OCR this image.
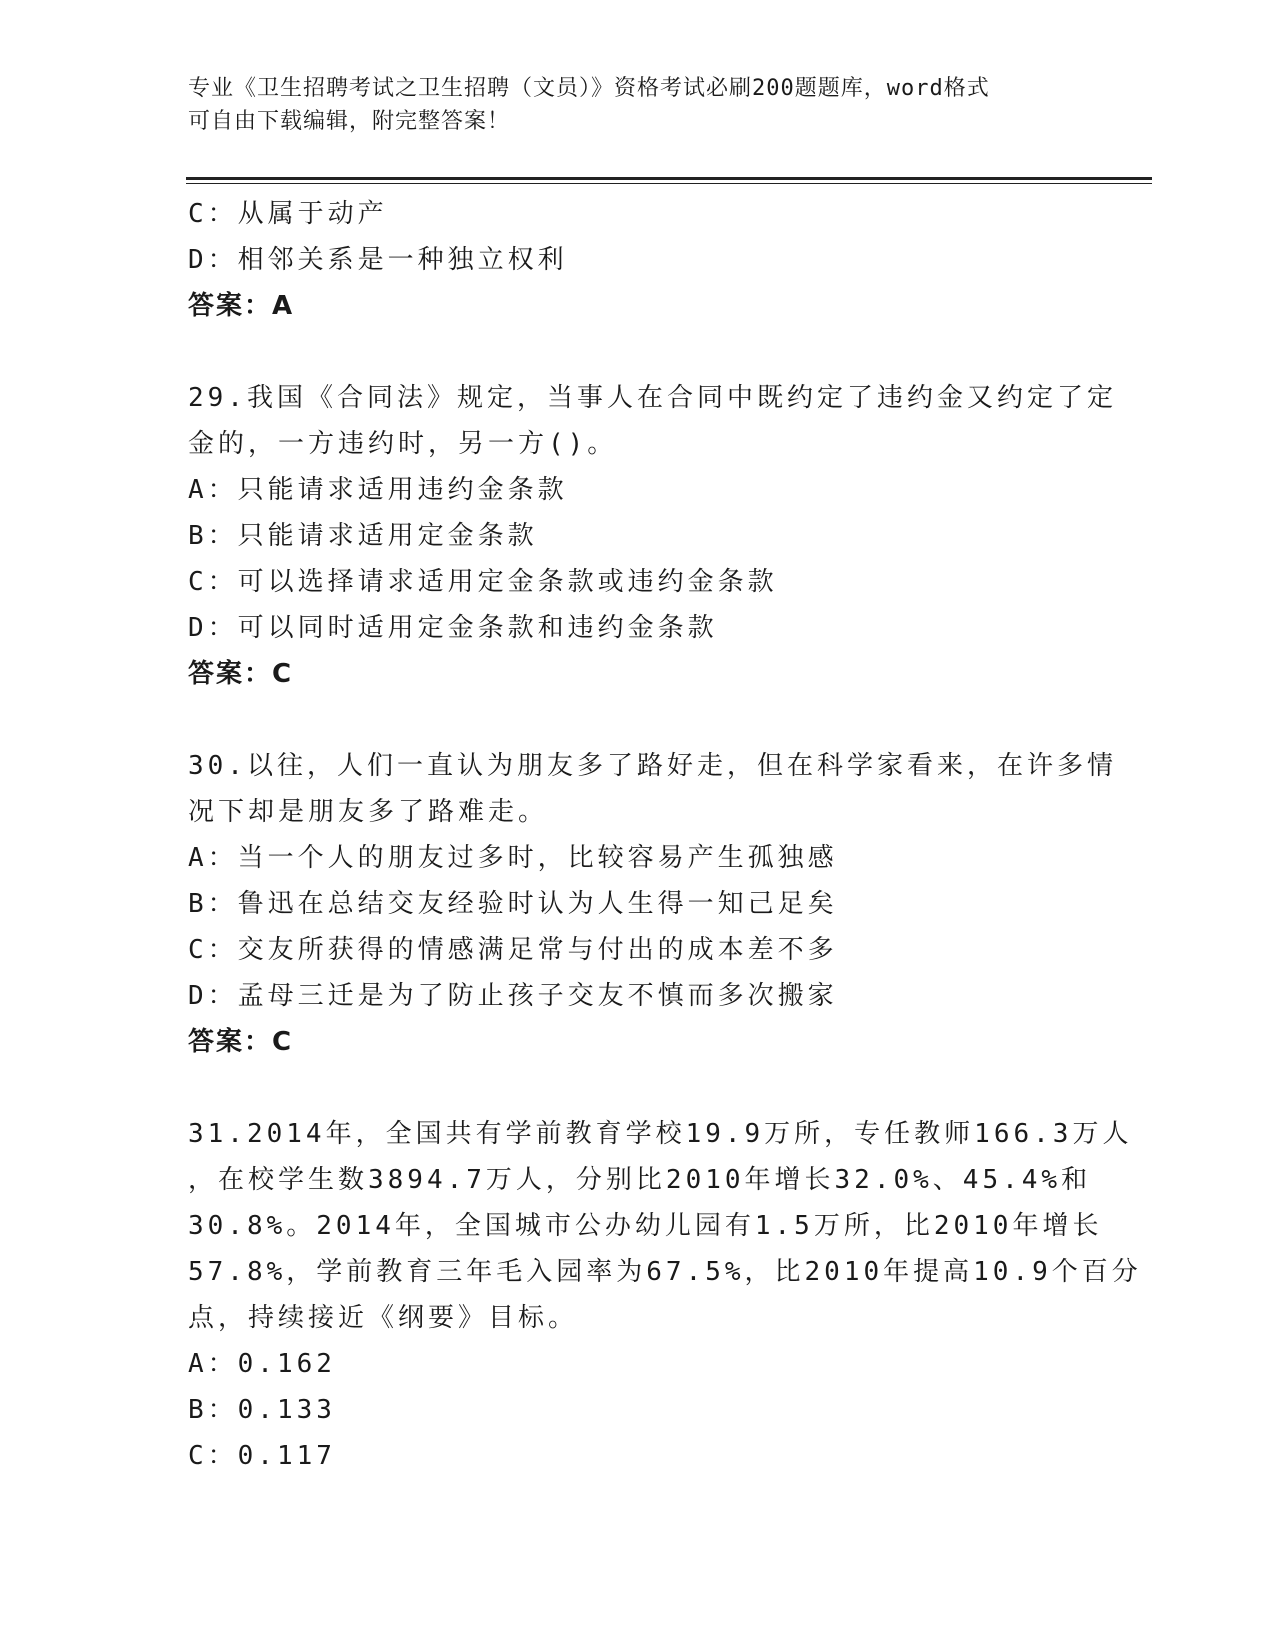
专业《卫生招聘考试之卫生招聘（文员）》资格考试必刷200题题库，word格式
可自由下载编辑，附完整答案！
C：从属于动产
D：相邻关系是一种独立权利
答案：A
29.我国《合同法》规定，当事人在合同中既约定了违约金又约定了定
金的，一方违约时，另一方()。
A：只能请求适用违约金条款
B：只能请求适用定金条款
C：可以选择请求适用定金条款或违约金条款
D：可以同时适用定金条款和违约金条款
答案：C
30.以往，人们一直认为朋友多了路好走，但在科学家看来，在许多情
况下却是朋友多了路难走。
A：当一个人的朋友过多时，比较容易产生孤独感
B：鲁迅在总结交友经验时认为人生得一知己足矣
C：交友所获得的情感满足常与付出的成本差不多
D：孟母三迁是为了防止孩子交友不慎而多次搬家
答案：C
31.2014年，全国共有学前教育学校19.9万所，专任教师166.3万人
，在校学生数3894.7万人，分别比2010年增长32.0%、45.4%和
30.8%。2014年，全国城市公办幼儿园有1.5万所，比2010年增长
57.8%，学前教育三年毛入园率为67.5%，比2010年提高10.9个百分
点，持续接近《纲要》目标。
A：0.162
B：0.133
C：0.117
